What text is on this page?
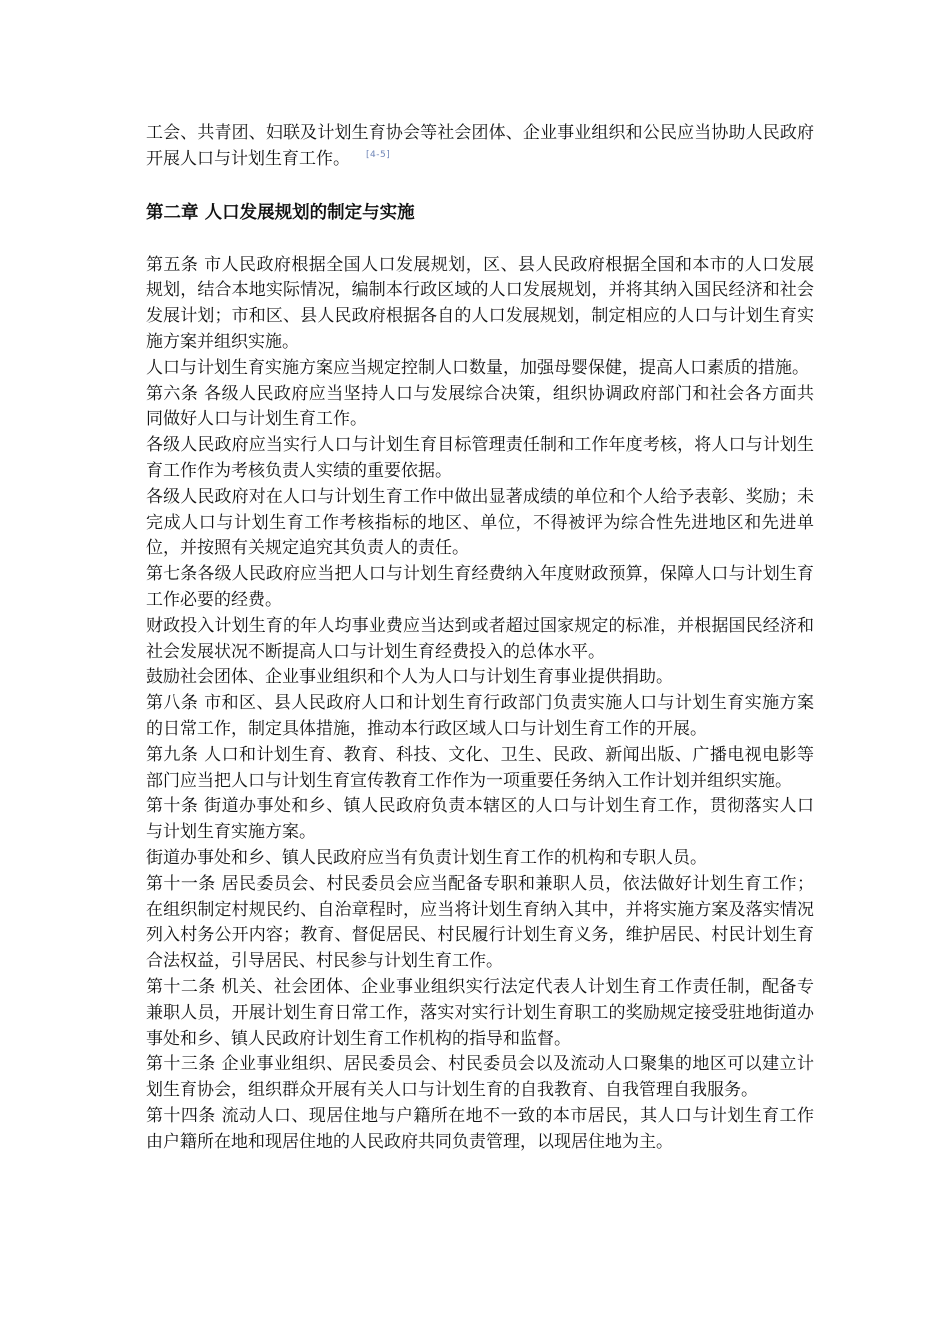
工会、共青团、妇联及计划生育协会等社会团体、企业事业组织和公民应当协助人民政府开展人口与计划生育工作。 [4-5]

第二章 人口发展规划的制定与实施

第五条 市人民政府根据全国人口发展规划，区、县人民政府根据全国和本市的人口发展规划，结合本地实际情况，编制本行政区域的人口发展规划，并将其纳入国民经济和社会发展计划；市和区、县人民政府根据各自的人口发展规划，制定相应的人口与计划生育实施方案并组织实施。

人口与计划生育实施方案应当规定控制人口数量，加强母婴保健，提高人口素质的措施。

第六条 各级人民政府应当坚持人口与发展综合决策，组织协调政府部门和社会各方面共同做好人口与计划生育工作。

各级人民政府应当实行人口与计划生育目标管理责任制和工作年度考核，将人口与计划生育工作作为考核负责人实绩的重要依据。

各级人民政府对在人口与计划生育工作中做出显著成绩的单位和个人给予表彰、奖励；未完成人口与计划生育工作考核指标的地区、单位，不得被评为综合性先进地区和先进单位，并按照有关规定追究其负责人的责任。

第七条各级人民政府应当把人口与计划生育经费纳入年度财政预算，保障人口与计划生育工作必要的经费。

财政投入计划生育的年人均事业费应当达到或者超过国家规定的标准，并根据国民经济和社会发展状况不断提高人口与计划生育经费投入的总体水平。

鼓励社会团体、企业事业组织和个人为人口与计划生育事业提供捐助。

第八条 市和区、县人民政府人口和计划生育行政部门负责实施人口与计划生育实施方案的日常工作，制定具体措施，推动本行政区域人口与计划生育工作的开展。

第九条 人口和计划生育、教育、科技、文化、卫生、民政、新闻出版、广播电视电影等部门应当把人口与计划生育宣传教育工作作为一项重要任务纳入工作计划并组织实施。

第十条 街道办事处和乡、镇人民政府负责本辖区的人口与计划生育工作，贯彻落实人口与计划生育实施方案。

街道办事处和乡、镇人民政府应当有负责计划生育工作的机构和专职人员。

第十一条 居民委员会、村民委员会应当配备专职和兼职人员，依法做好计划生育工作；在组织制定村规民约、自治章程时，应当将计划生育纳入其中，并将实施方案及落实情况列入村务公开内容；教育、督促居民、村民履行计划生育义务，维护居民、村民计划生育合法权益，引导居民、村民参与计划生育工作。

第十二条 机关、社会团体、企业事业组织实行法定代表人计划生育工作责任制，配备专兼职人员，开展计划生育日常工作，落实对实行计划生育职工的奖励规定接受驻地街道办事处和乡、镇人民政府计划生育工作机构的指导和监督。

第十三条 企业事业组织、居民委员会、村民委员会以及流动人口聚集的地区可以建立计划生育协会，组织群众开展有关人口与计划生育的自我教育、自我管理自我服务。

第十四条 流动人口、现居住地与户籍所在地不一致的本市居民，其人口与计划生育工作由户籍所在地和现居住地的人民政府共同负责管理，以现居住地为主。
